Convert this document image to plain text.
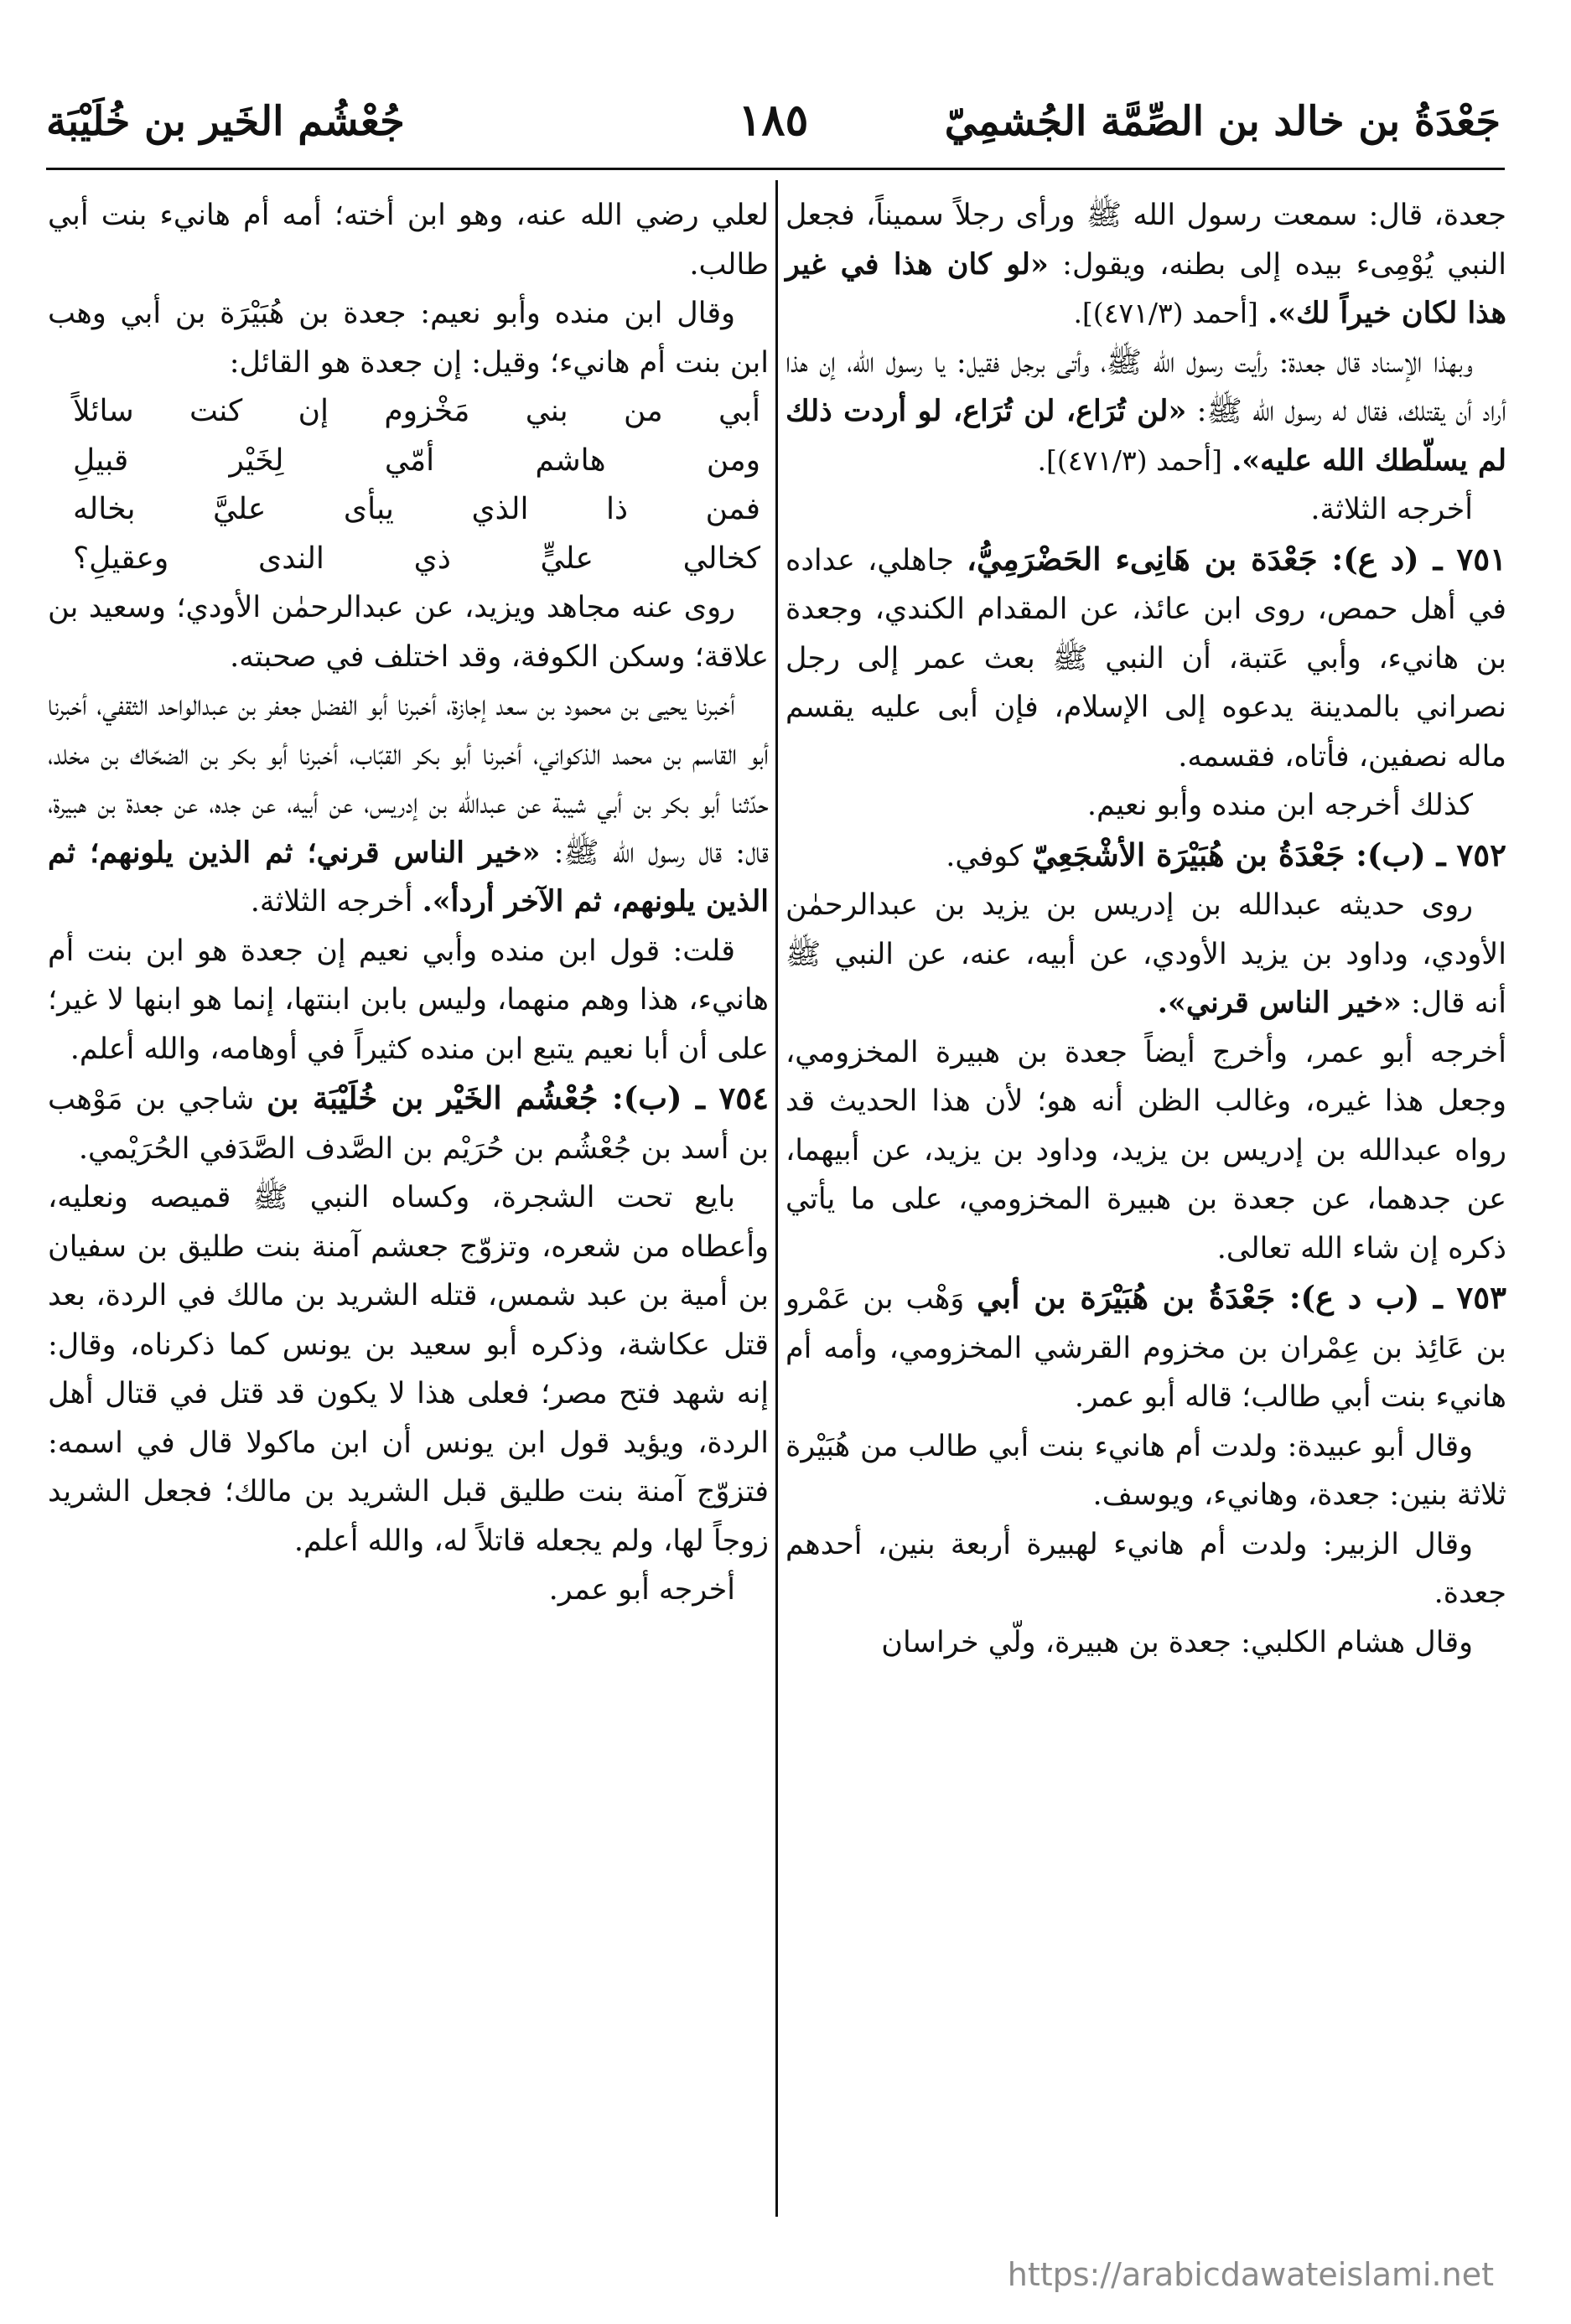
جَعْدَةُ بن خالد بن الصِّمَّة الجُشمِيّ
١٨٥
جُعْشُم الخَير بن خُلَيْبَة

جعدة، قال: سمعت رسول الله ﷺ ورأى رجلاً سميناً، فجعل النبي يُوْمِىء بيده إلى بطنه، ويقول: «لو كان هذا في غير هذا لكان خيراً لك». [أحمد (٤٧١/٣)].

وبهذا الإسناد قال جعدة: رأيت رسول الله ﷺ، وأتى برجل فقيل: يا رسول الله، إن هذا أراد أن يقتلك، فقال له رسول الله ﷺ: «لن تُرَاع، لن تُرَاع، لو أردت ذلك لم يسلّطك الله عليه». [أحمد (٤٧١/٣)].

أخرجه الثلاثة.

٧٥١ ـ (د ع): جَعْدَة بن هَانِىء الحَضْرَمِيُّ، جاهلي، عداده في أهل حمص، روى ابن عائذ، عن المقدام الكندي، وجعدة بن هانيء، وأبي عَتبة، أن النبي ﷺ بعث عمر إلى رجل نصراني بالمدينة يدعوه إلى الإسلام، فإن أبى عليه يقسم ماله نصفين، فأتاه، فقسمه.

كذلك أخرجه ابن منده وأبو نعيم.

٧٥٢ ـ (ب): جَعْدَةُ بن هُبَيْرَة الأشْجَعِيّ كوفي.

روى حديثه عبدالله بن إدريس بن يزيد بن عبدالرحمٰن الأودي، وداود بن يزيد الأودي، عن أبيه، عنه، عن النبي ﷺ أنه قال: «خير الناس قرني».

أخرجه أبو عمر، وأخرج أيضاً جعدة بن هبيرة المخزومي، وجعل هذا غيره، وغالب الظن أنه هو؛ لأن هذا الحديث قد رواه عبدالله بن إدريس بن يزيد، وداود بن يزيد، عن أبيهما، عن جدهما، عن جعدة بن هبيرة المخزومي، على ما يأتي ذكره إن شاء الله تعالى.

٧٥٣ ـ (ب د ع): جَعْدَةُ بن هُبَيْرَة بن أبي وَهْب بن عَمْرو بن عَائِذ بن عِمْران بن مخزوم القرشي المخزومي، وأمه أم هانيء بنت أبي طالب؛ قاله أبو عمر.

وقال أبو عبيدة: ولدت أم هانيء بنت أبي طالب من هُبَيْرة ثلاثة بنين: جعدة، وهانيء، ويوسف.

وقال الزبير: ولدت أم هانيء لهبيرة أربعة بنين، أحدهم جعدة.

وقال هشام الكلبي: جعدة بن هبيرة، ولّي خراسان

لعلي رضي الله عنه، وهو ابن أخته؛ أمه أم هانيء بنت أبي طالب.

وقال ابن منده وأبو نعيم: جعدة بن هُبَيْرَة بن أبي وهب ابن بنت أم هانيء؛ وقيل: إن جعدة هو القائل:

أبي من بني مَخْزوم إن كنت سائلاً
ومن هاشم أمّي لِخَيْر قبيلِ
فمن ذا الذي يبأى عليَّ بخاله
كخالي عليٍّ ذي الندى وعقيلِ؟

روى عنه مجاهد ويزيد، عن عبدالرحمٰن الأودي؛ وسعيد بن علاقة؛ وسكن الكوفة، وقد اختلف في صحبته.

أخبرنا يحيى بن محمود بن سعد إجازة، أخبرنا أبو الفضل جعفر بن عبدالواحد الثقفي، أخبرنا أبو القاسم بن محمد الذكواني، أخبرنا أبو بكر القبّاب، أخبرنا أبو بكر بن الضحّاك بن مخلد، حدّثنا أبو بكر بن أبي شيبة عن عبدالله بن إدريس، عن أبيه، عن جده، عن جعدة بن هبيرة، قال: قال رسول الله ﷺ: «خير الناس قرني؛ ثم الذين يلونهم؛ ثم الذين يلونهم، ثم الآخر أردأ». أخرجه الثلاثة.

قلت: قول ابن منده وأبي نعيم إن جعدة هو ابن بنت أم هانيء، هذا وهم منهما، وليس بابن ابنتها، إنما هو ابنها لا غير؛ على أن أبا نعيم يتبع ابن منده كثيراً في أوهامه، والله أعلم.

٧٥٤ ـ (ب): جُعْشُم الخَيْر بن خُلَيْبَة بن شاجي بن مَوْهب بن أسد بن جُعْشُم بن حُرَيْم بن الصَّدف الصَّدَفي الحُرَيْمي.

بايع تحت الشجرة، وكساه النبي ﷺ قميصه ونعليه، وأعطاه من شعره، وتزوّج جعشم آمنة بنت طليق بن سفيان بن أمية بن عبد شمس، قتله الشريد بن مالك في الردة، بعد قتل عكاشة، وذكره أبو سعيد بن يونس كما ذكرناه، وقال: إنه شهد فتح مصر؛ فعلى هذا لا يكون قد قتل في قتال أهل الردة، ويؤيد قول ابن يونس أن ابن ماكولا قال في اسمه: فتزوّج آمنة بنت طليق قبل الشريد بن مالك؛ فجعل الشريد زوجاً لها، ولم يجعله قاتلاً له، والله أعلم.

أخرجه أبو عمر.

https://arabicdawateislami.net
